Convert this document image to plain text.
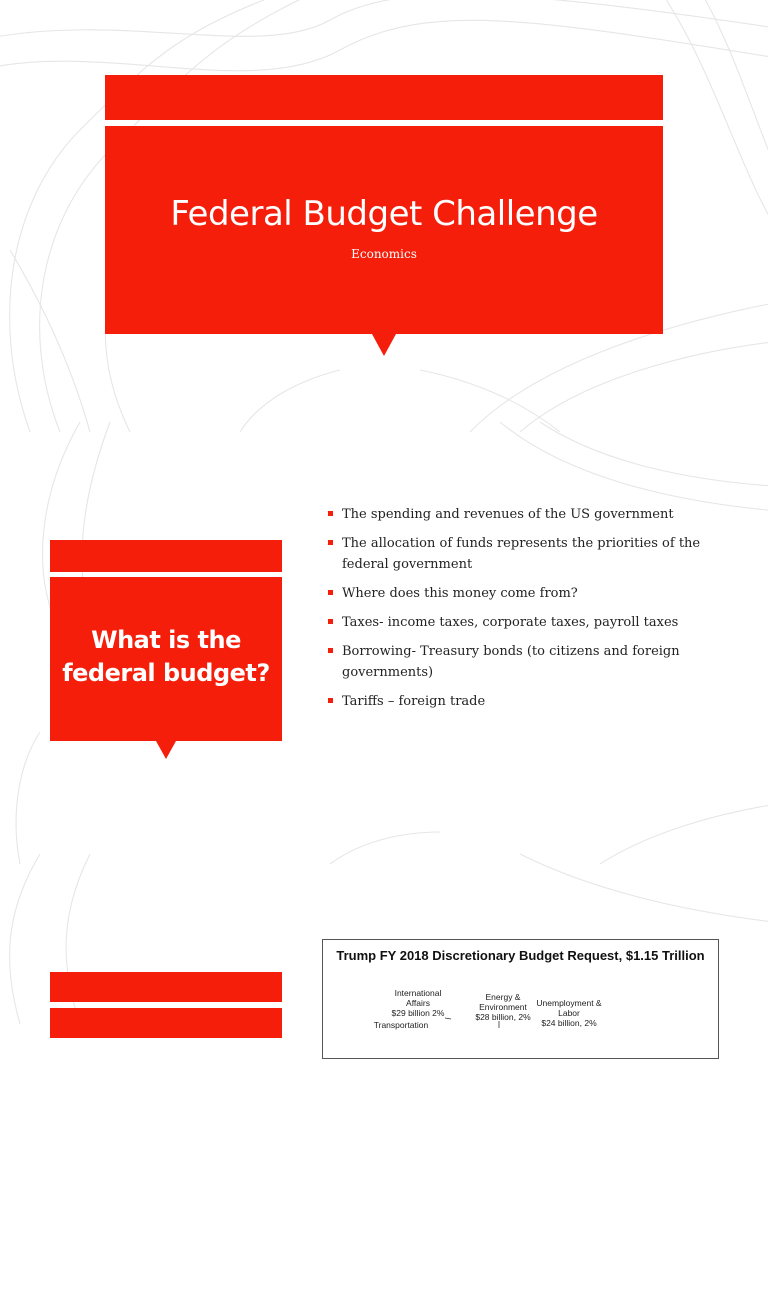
Federal Budget Challenge
Economics
What is the federal budget?
The spending and revenues of the US government
The allocation of funds represents the priorities of the federal government
Where does this money come from?
Taxes- income taxes, corporate taxes, payroll taxes
Borrowing- Treasury bonds (to citizens and foreign governments)
Tariffs – foreign trade
Trump FY 2018 Discretionary Budget Request, $1.15 Trillion
International
Affairs
$29 billion 2%
Transportation
Energy &
Environment
$28 billion, 2%
Unemployment &
Labor
$24 billion, 2%
